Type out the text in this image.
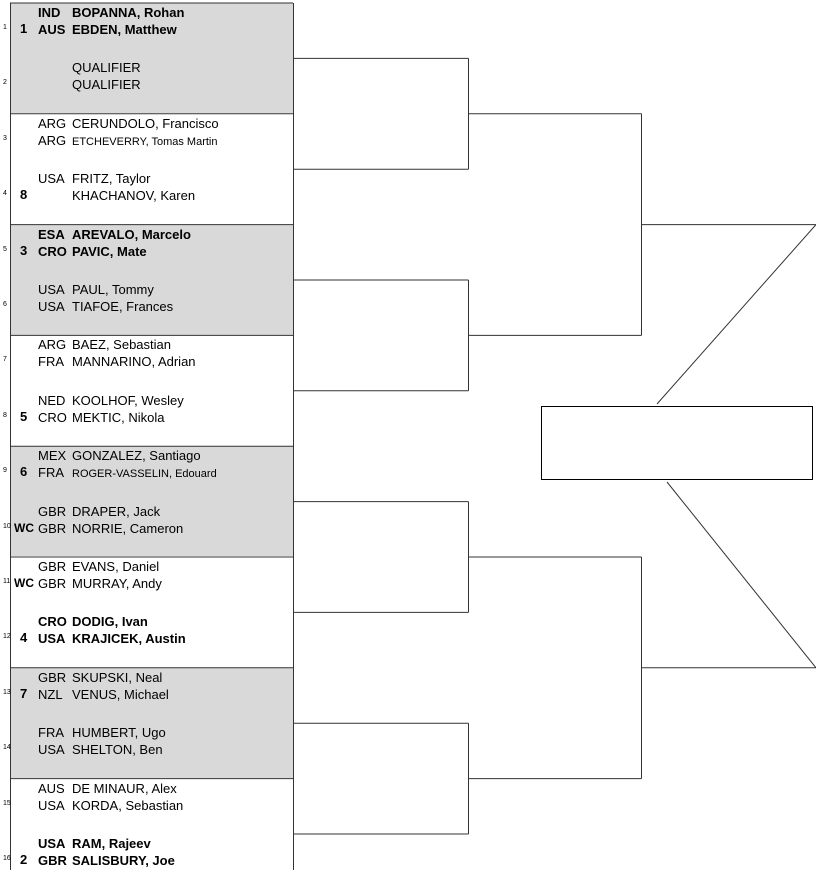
1 1
IND BOPANNA, Rohan
AUS EBDEN, Matthew
2
QUALIFIER
QUALIFIER
3
ARG CERUNDOLO, Francisco
ARG ETCHEVERRY, Tomas Martin
4 8
USA FRITZ, Taylor
KHACHANOV, Karen
5 3
ESA AREVALO, Marcelo
CRO PAVIC, Mate
6
USA PAUL, Tommy
USA TIAFOE, Frances
7
ARG BAEZ, Sebastian
FRA MANNARINO, Adrian
8 5
NED KOOLHOF, Wesley
CRO MEKTIC, Nikola
9 6
MEX GONZALEZ, Santiago
FRA ROGER-VASSELIN, Edouard
10 WC
GBR DRAPER, Jack
GBR NORRIE, Cameron
11 WC
GBR EVANS, Daniel
GBR MURRAY, Andy
12 4
CRO DODIG, Ivan
USA KRAJICEK, Austin
13 7
GBR SKUPSKI, Neal
NZL VENUS, Michael
14
FRA HUMBERT, Ugo
USA SHELTON, Ben
15
AUS DE MINAUR, Alex
USA KORDA, Sebastian
16 2
USA RAM, Rajeev
GBR SALISBURY, Joe
